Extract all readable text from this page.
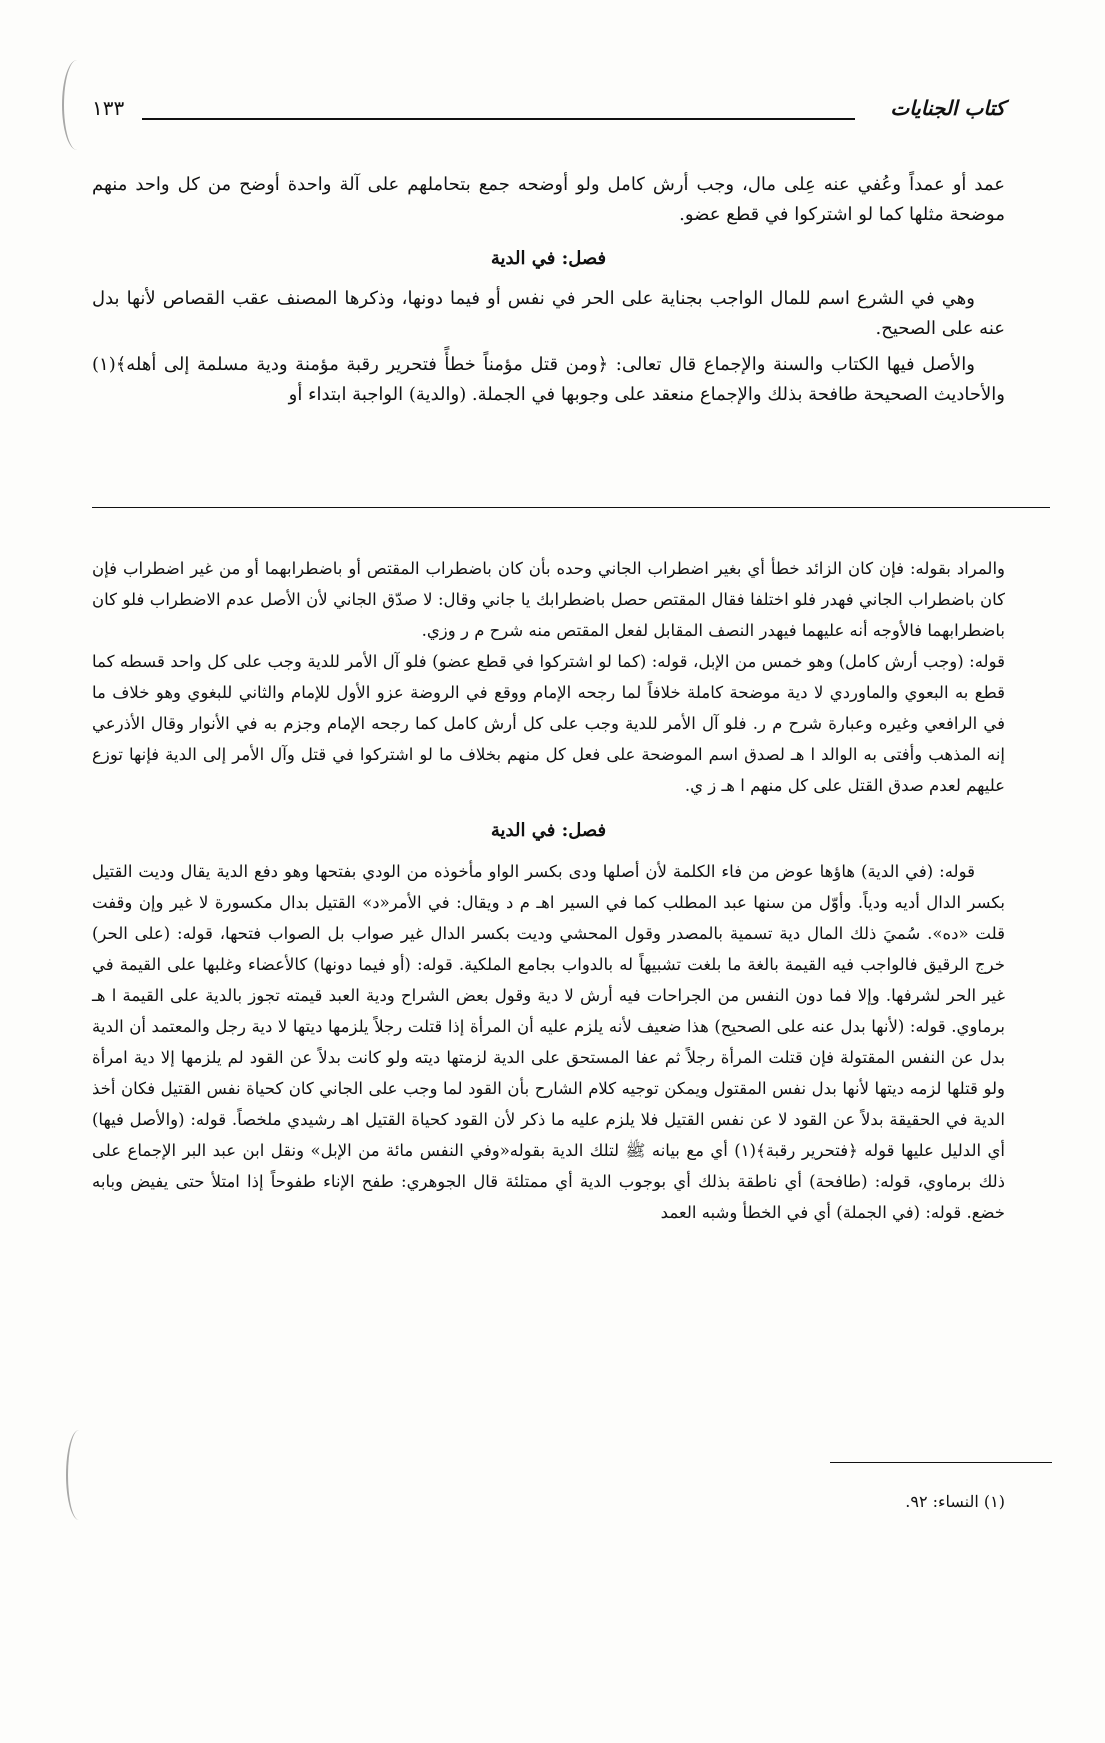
كتاب الجنايات
١٣٣

عمد أو عمداً وعُفي عنه عِلى مال، وجب أرش كامل ولو أوضحه جمع بتحاملهم على آلة واحدة أوضح من كل واحد منهم موضحة مثلها كما لو اشتركوا في قطع عضو.

فصل: في الدية

وهي في الشرع اسم للمال الواجب بجناية على الحر في نفس أو فيما دونها، وذكرها المصنف عقب القصاص لأنها بدل عنه على الصحيح.

والأصل فيها الكتاب والسنة والإجماع قال تعالى: ﴿ومن قتل مؤمناً خطأً فتحرير رقبة مؤمنة ودية مسلمة إلى أهله﴾(١) والأحاديث الصحيحة طافحة بذلك والإجماع منعقد على وجوبها في الجملة. (والدية) الواجبة ابتداء أو

والمراد بقوله: فإن كان الزائد خطأ أي بغير اضطراب الجاني وحده بأن كان باضطراب المقتص أو باضطرابهما أو من غير اضطراب فإن كان باضطراب الجاني فهدر فلو اختلفا فقال المقتص حصل باضطرابك يا جاني وقال: لا صدّق الجاني لأن الأصل عدم الاضطراب فلو كان باضطرابهما فالأوجه أنه عليهما فيهدر النصف المقابل لفعل المقتص منه شرح م ر وزي.

قوله: (وجب أرش كامل) وهو خمس من الإبل، قوله: (كما لو اشتركوا في قطع عضو) فلو آل الأمر للدية وجب على كل واحد قسطه كما قطع به البعوي والماوردي لا دية موضحة كاملة خلافاً لما رجحه الإمام ووقع في الروضة عزو الأول للإمام والثاني للبغوي وهو خلاف ما في الرافعي وغيره وعبارة شرح م ر. فلو آل الأمر للدية وجب على كل أرش كامل كما رجحه الإمام وجزم به في الأنوار وقال الأذرعي إنه المذهب وأفتى به الوالد ا هـ لصدق اسم الموضحة على فعل كل منهم بخلاف ما لو اشتركوا في قتل وآل الأمر إلى الدية فإنها توزع عليهم لعدم صدق القتل على كل منهم ا هـ ز ي.

فصل: في الدية

قوله: (في الدية) هاؤها عوض من فاء الكلمة لأن أصلها ودى بكسر الواو مأخوذه من الودي بفتحها وهو دفع الدية يقال وديت القتيل بكسر الدال أديه ودياً. وأوّل من سنها عبد المطلب كما في السير اهـ م د ويقال: في الأمر«د» القتيل بدال مكسورة لا غير وإن وقفت قلت «ده». سُميَ ذلك المال دية تسمية بالمصدر وقول المحشي وديت بكسر الدال غير صواب بل الصواب فتحها، قوله: (على الحر) خرج الرقيق فالواجب فيه القيمة بالغة ما بلغت تشبيهاً له بالدواب بجامع الملكية. قوله: (أو فيما دونها) كالأعضاء وغلبها على القيمة في غير الحر لشرفها. وإلا فما دون النفس من الجراحات فيه أرش لا دية وقول بعض الشراح ودية العبد قيمته تجوز بالدية على القيمة ا هـ برماوي. قوله: (لأنها بدل عنه على الصحيح) هذا ضعيف لأنه يلزم عليه أن المرأة إذا قتلت رجلاً يلزمها ديتها لا دية رجل والمعتمد أن الدية بدل عن النفس المقتولة فإن قتلت المرأة رجلاً ثم عفا المستحق على الدية لزمتها ديته ولو كانت بدلاً عن القود لم يلزمها إلا دية امرأة ولو قتلها لزمه ديتها لأنها بدل نفس المقتول ويمكن توجيه كلام الشارح بأن القود لما وجب على الجاني كان كحياة نفس القتيل فكان أخذ الدية في الحقيقة بدلاً عن القود لا عن نفس القتيل فلا يلزم عليه ما ذكر لأن القود كحياة القتيل اهـ رشيدي ملخصاً. قوله: (والأصل فيها) أي الدليل عليها قوله ﴿فتحرير رقبة﴾(١) أي مع بيانه ﷺ لتلك الدية بقوله«وفي النفس مائة من الإبل» ونقل ابن عبد البر الإجماع على ذلك برماوي، قوله: (طافحة) أي ناطقة بذلك أي بوجوب الدية أي ممتلئة قال الجوهري: طفح الإناء طفوحاً إذا امتلأ حتى يفيض وبابه خضع. قوله: (في الجملة) أي في الخطأ وشبه العمد

(١) النساء: ٩٢.
